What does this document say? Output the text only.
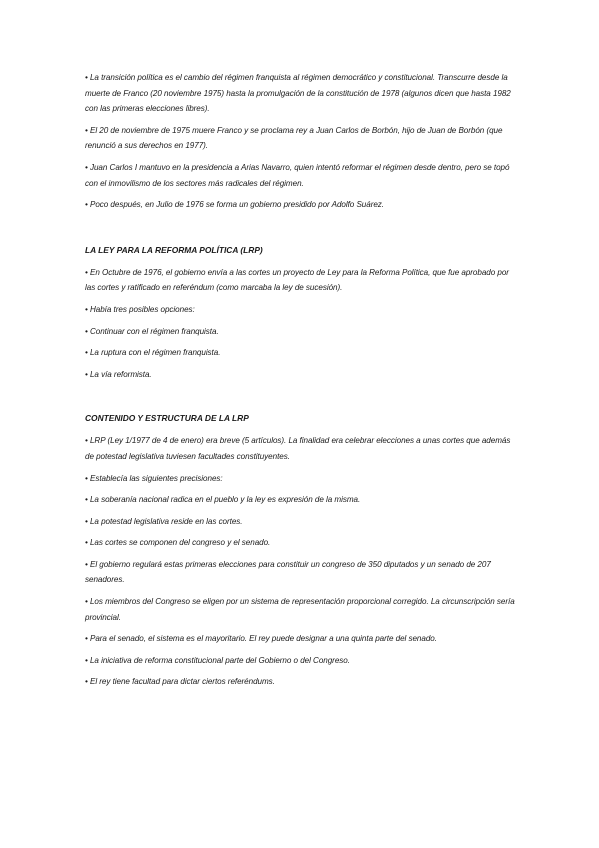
• La transición política es el cambio del régimen franquista al régimen democrático y constitucional. Transcurre desde la muerte de Franco (20 noviembre 1975) hasta la promulgación de la constitución de 1978 (algunos dicen que hasta 1982 con las primeras elecciones libres).

• El 20 de noviembre de 1975 muere Franco y se proclama rey a Juan Carlos de Borbón, hijo de Juan de Borbón (que renunció a sus derechos en 1977).

• Juan Carlos I mantuvo en la presidencia a Arias Navarro, quien intentó reformar el régimen desde dentro, pero se topó con el inmovilismo de los sectores más radicales del régimen.

• Poco después, en Julio de 1976 se forma un gobierno presidido por Adolfo Suárez.

LA LEY PARA LA REFORMA POLÍTICA (LRP)

• En Octubre de 1976, el gobierno envía a las cortes un proyecto de Ley para la Reforma Política, que fue aprobado por las cortes y ratificado en referéndum (como marcaba la ley de sucesión).

• Había tres posibles opciones:

• Continuar con el régimen franquista.

• La ruptura con el régimen franquista.

• La vía reformista.

CONTENIDO Y ESTRUCTURA DE LA LRP

• LRP (Ley 1/1977 de 4 de enero) era breve (5 artículos). La finalidad era celebrar elecciones a unas cortes que además de potestad legislativa tuviesen facultades constituyentes.

• Establecía las siguientes precisiones:

• La soberanía nacional radica en el pueblo y la ley es expresión de la misma.

• La potestad legislativa reside en las cortes.

• Las cortes se componen del congreso y el senado.

• El gobierno regulará estas primeras elecciones para constituir un congreso de 350 diputados y un senado de 207 senadores.

• Los miembros del Congreso se eligen por un sistema de representación proporcional corregido. La circunscripción sería provincial.

• Para el senado, el sistema es el mayoritario. El rey puede designar a una quinta parte del senado.

• La iniciativa de reforma constitucional parte del Gobierno o del Congreso.

• El rey tiene facultad para dictar ciertos referéndums.
